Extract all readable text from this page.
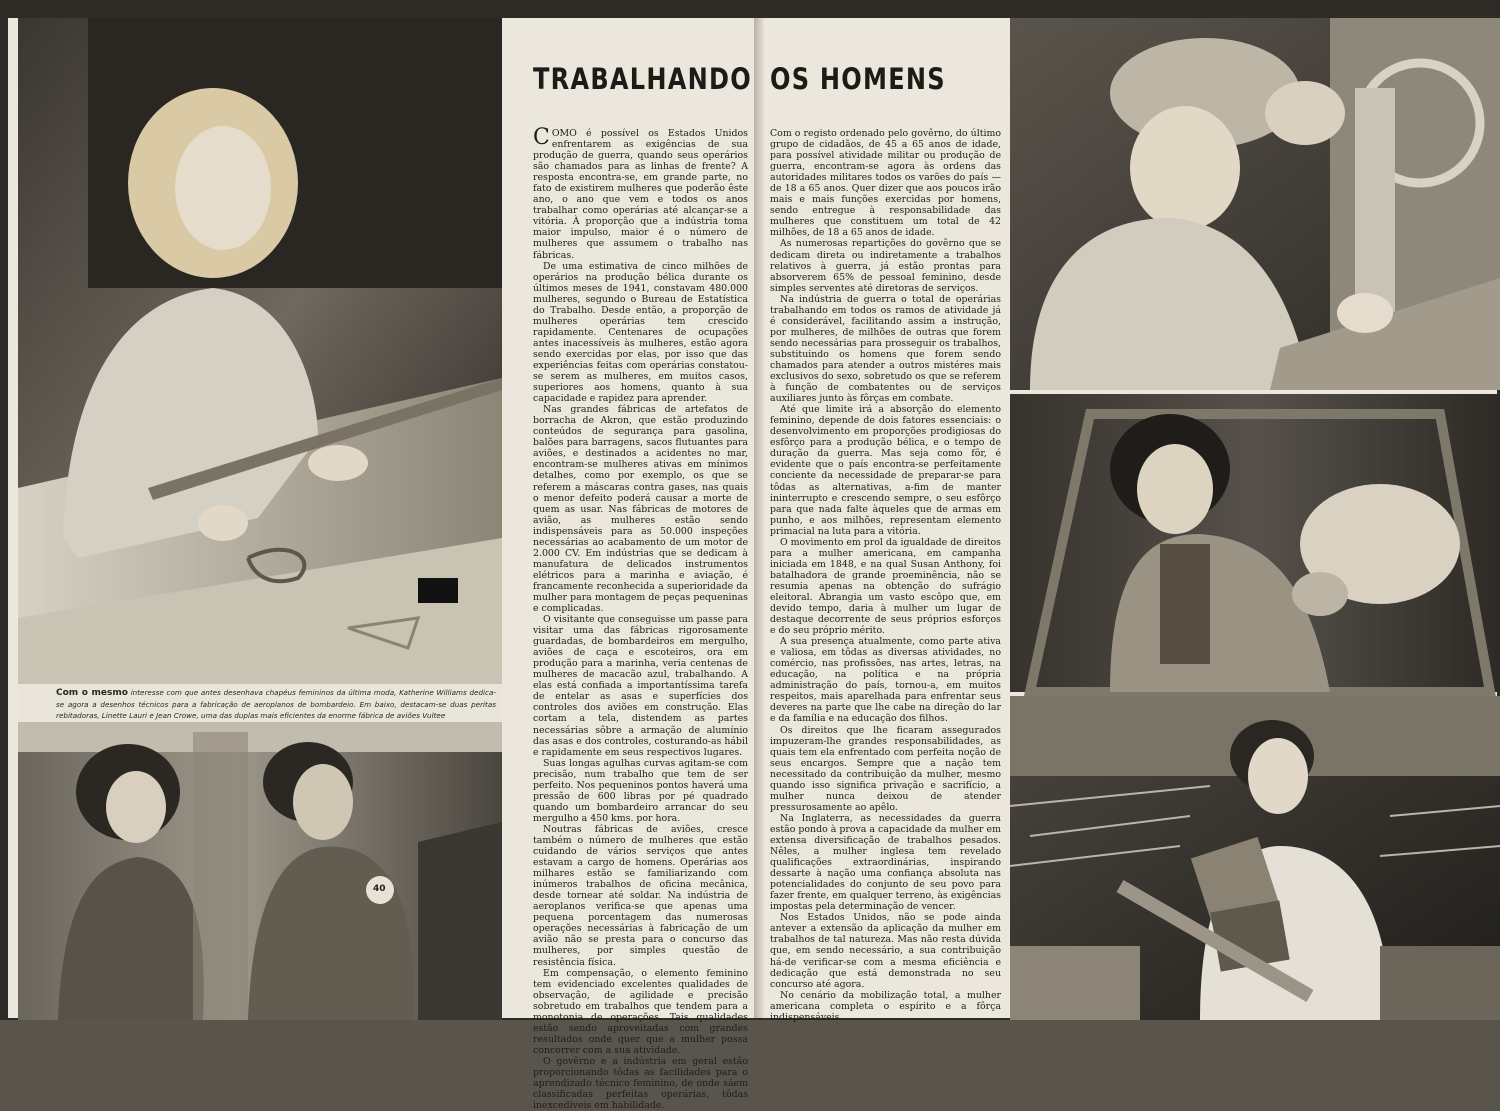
Com o mesmo interesse com que antes desenhava chapéus femininos da última moda, Katherine Williams dedica-se agora a desenhos técnicos para a fabricação de aeroplanos de bombardeio. Em baixo, destacam-se duas peritas rebitadoras, Linette Lauri e Jean Crowe, uma das duplas mais eficientes da enorme fábrica de aviões Vultee
40
TRABALHANDO OS HOMENS

COMO é possível os Estados Unidos enfrentarem as exigências de sua produção de guerra, quando seus operários são chamados para as linhas de frente? A resposta encontra-se, em grande parte, no fato de existirem mulheres que poderão êste ano, o ano que vem e todos os anos trabalhar como operárias até alcançar-se a vitória. À proporção que a indústria toma maior impulso, maior é o número de mulheres que assumem o trabalho nas fábricas.

De uma estimativa de cinco milhões de operários na produção bélica durante os últimos meses de 1941, constavam 480.000 mulheres, segundo o Bureau de Estatística do Trabalho. Desde então, a proporção de mulheres operárias tem crescido rapidamente. Centenares de ocupações antes inacessíveis às mulheres, estão agora sendo exercidas por elas, por isso que das experiências feitas com operárias constatou-se serem as mulheres, em muitos casos, superiores aos homens, quanto à sua capacidade e rapidez para aprender.

Nas grandes fábricas de artefatos de borracha de Akron, que estão produzindo conteúdos de segurança para gasolina, balões para barragens, sacos flutuantes para aviões, e destinados a acidentes no mar, encontram-se mulheres ativas em mínimos detalhes, como por exemplo, os que se referem a máscaras contra gases, nas quais o menor defeito poderá causar a morte de quem as usar. Nas fábricas de motores de avião, as mulheres estão sendo indispensáveis para as 50.000 inspeções necessárias ao acabamento de um motor de 2.000 CV. Em indústrias que se dedicam à manufatura de delicados instrumentos elétricos para a marinha e aviação, é francamente reconhecida a superioridade da mulher para montagem de peças pequeninas e complicadas.

O visitante que conseguisse um passe para visitar uma das fábricas rigorosamente guardadas, de bombardeiros em mergulho, aviões de caça e escoteiros, ora em produção para a marinha, veria centenas de mulheres de macacão azul, trabalhando. A elas está confiada a importantíssima tarefa de entelar as asas e superfícies dos controles dos aviões em construção. Elas cortam a tela, distendem as partes necessárias sôbre a armação de alumínio das asas e dos controles, costurando-as hábil e rapidamente em seus respectivos lugares.

Suas longas agulhas curvas agitam-se com precisão, num trabalho que tem de ser perfeito. Nos pequeninos pontos haverá uma pressão de 600 libras por pé quadrado quando um bombardeiro arrancar do seu mergulho a 450 kms. por hora.

Noutras fábricas de aviões, cresce também o número de mulheres que estão cuidando de vários serviços que antes estavam a cargo de homens. Operárias aos milhares estão se familiarizando com inúmeros trabalhos de oficina mecânica, desde tornear até soldar. Na indústria de aeroplanos verifica-se que apenas uma pequena porcentagem das numerosas operações necessárias à fabricação de um avião não se presta para o concurso das mulheres, por simples questão de resistência física.

Em compensação, o elemento feminino tem evidenciado excelentes qualidades de observação, de agilidade e precisão sobretudo em trabalhos que tendem para a monotonia de operações. Tais qualidades estão sendo aproveitadas com grandes resultados onde quer que a mulher possa concorrer com a sua atividade.

O govêrno e a indústria em geral estão proporcionando tôdas as facilidades para o aprendizado técnico feminino, de onde sáem classificadas perfeitas operárias, tôdas inexcedíveis em habilidade.

Com o registo ordenado pelo govêrno, do último grupo de cidadãos, de 45 a 65 anos de idade, para possível atividade militar ou produção de guerra, encontram-se agora às ordens das autoridades militares todos os varões do país — de 18 a 65 anos. Quer dizer que aos poucos irão mais e mais funções exercidas por homens, sendo entregue à responsabilidade das mulheres que constituem um total de 42 milhões, de 18 a 65 anos de idade.

As numerosas repartições do govêrno que se dedicam direta ou indiretamente a trabalhos relativos à guerra, já estão prontas para absorverem 65% de pessoal feminino, desde simples serventes até diretoras de serviços.

Na indústria de guerra o total de operárias trabalhando em todos os ramos de atividade já é considerável, facilitando assim a instrução, por mulheres, de milhões de outras que forem sendo necessárias para prosseguir os trabalhos, substituindo os homens que forem sendo chamados para atender a outros mistéres mais exclusivos do sexo, sobretudo os que se referem à função de combatentes ou de serviços auxiliares junto às fôrças em combate.

Até que limite irá a absorção do elemento feminino, depende de dois fatores essenciais: o desenvolvimento em proporções prodigiosas do esfôrço para a produção bélica, e o tempo de duração da guerra. Mas seja como fôr, é evidente que o país encontra-se perfeitamente conciente da necessidade de preparar-se para tôdas as alternativas, a-fim de manter ininterrupto e crescendo sempre, o seu esfôrço para que nada falte àqueles que de armas em punho, e aos milhões, representam elemento primacial na luta para a vitória.

O movimento em prol da igualdade de direitos para a mulher americana, em campanha iniciada em 1848, e na qual Susan Anthony, foi batalhadora de grande proeminência, não se resumia apenas na obtenção do sufrágio eleitoral. Abrangia um vasto escôpo que, em devido tempo, daria à mulher um lugar de destaque decorrente de seus próprios esforços e do seu próprio mérito.

A sua presença atualmente, como parte ativa e valiosa, em tôdas as diversas atividades, no comércio, nas profissões, nas artes, letras, na educação, na política e na própria administração do país, tornou-a, em muitos respeitos, mais aparelhada para enfrentar seus deveres na parte que lhe cabe na direção do lar e da família e na educação dos filhos.

Os direitos que lhe ficaram assegurados impuzeram-lhe grandes responsabilidades, as quais tem ela enfrentado com perfeita noção de seus encargos. Sempre que a nação tem necessitado da contribuição da mulher, mesmo quando isso significa privação e sacrifício, a mulher nunca deixou de atender pressurosamente ao apêlo.

Na Inglaterra, as necessidades da guerra estão pondo à prova a capacidade da mulher em extensa diversificação de trabalhos pesados. Nêles, a mulher inglesa tem revelado qualificações extraordinárias, inspirando dessarte à nação uma confiança absoluta nas potencialidades do conjunto de seu povo para fazer frente, em qualquer terreno, às exigências impostas pela determinação de vencer.

Nos Estados Unidos, não se pode ainda antever a extensão da aplicação da mulher em trabalhos de tal natureza. Mas não resta dúvida que, em sendo necessário, a sua contribuição há-de verificar-se com a mesma eficiência e dedicação que está demonstrada no seu concurso até agora.

No cenário da mobilização total, a mulher americana completa o espírito e a fôrça indispensáveis.
